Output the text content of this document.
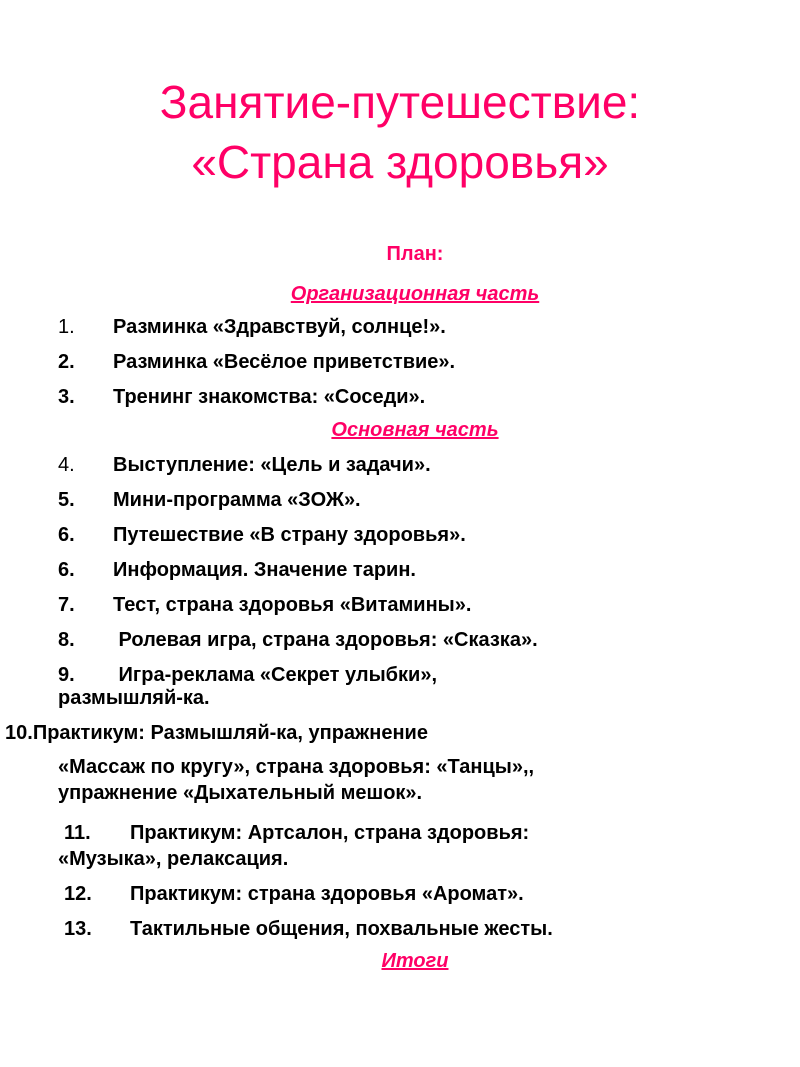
Занятие-путешествие:
«Страна здоровья»
План:
Организационная часть
1. Разминка «Здравствуй, солнце!».
2. Разминка «Весёлое приветствие».
3. Тренинг знакомства: «Соседи».
Основная часть
4. Выступление: «Цель и задачи».
5. Мини-программа «ЗОЖ».
6. Путешествие «В страну здоровья».
6. Информация. Значение тарин.
7. Тест, страна здоровья «Витамины».
8. Ролевая игра, страна здоровья: «Сказка».
9. Игра-реклама «Секрет улыбки»,
размышляй-ка.
10.Практикум: Размышляй-ка, упражнение
«Массаж по кругу», страна здоровья: «Танцы»,,
упражнение «Дыхательный мешок».
11. Практикум: Артсалон, страна здоровья:
«Музыка», релаксация.
12. Практикум: страна здоровья «Аромат».
13. Тактильные общения, похвальные жесты.
Итоги
